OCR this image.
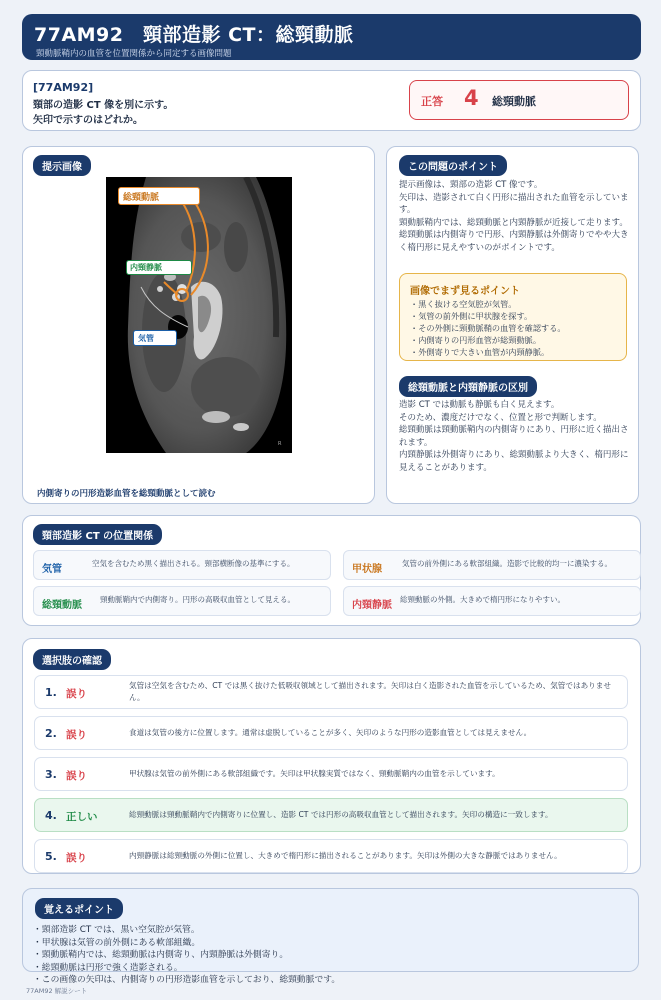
77AM92　頸部造影 CT：総頸動脈
頸動脈鞘内の血管を位置関係から同定する画像問題
[77AM92]
頸部の造影 CT 像を別に示す。
矢印で示すのはどれか。
正答 4 総頸動脈
提示画像
R
総頸動脈
内頸静脈
気管
内側寄りの円形造影血管を総頸動脈として読む
この問題のポイント
提示画像は、頸部の造影 CT 像です。
矢印は、造影されて白く円形に描出された血管を示しています。
頸動脈鞘内では、総頸動脈と内頸静脈が近接して走ります。
総頸動脈は内側寄りで円形、内頸静脈は外側寄りでやや大きく楕円形に見えやすいのがポイントです。
画像でまず見るポイント
・黒く抜ける空気腔が気管。
・気管の前外側に甲状腺を探す。
・その外側に頸動脈鞘の血管を確認する。
・内側寄りの円形血管が総頸動脈。
・外側寄りで大きい血管が内頸静脈。
総頸動脈と内頸静脈の区別
造影 CT では動脈も静脈も白く見えます。
そのため、濃度だけでなく、位置と形で判断します。
総頸動脈は頸動脈鞘内の内側寄りにあり、円形に近く描出されます。
内頸静脈は外側寄りにあり、総頸動脈より大きく、楕円形に見えることがあります。
頸部造影 CT の位置関係
気管
空気を含むため黒く描出される。頸部横断像の基準にする。
甲状腺
気管の前外側にある軟部組織。造影で比較的均一に濃染する。
総頸動脈
頸動脈鞘内で内側寄り。円形の高吸収血管として見える。
内頸静脈
総頸動脈の外側。大きめで楕円形になりやすい。
選択肢の確認
1. 誤り
気管は空気を含むため、CT では黒く抜けた低吸収領域として描出されます。矢印は白く造影された血管を示しているため、気管ではありません。
2. 誤り	食道は気管の後方に位置します。通常は虚脱していることが多く、矢印のような円形の造影血管としては見えません。
3. 誤り	甲状腺は気管の前外側にある軟部組織です。矢印は甲状腺実質ではなく、頸動脈鞘内の血管を示しています。
4. 正しい	総頸動脈は頸動脈鞘内で内側寄りに位置し、造影 CT では円形の高吸収血管として描出されます。矢印の構造に一致します。
5. 誤り	内頸静脈は総頸動脈の外側に位置し、大きめで楕円形に描出されることがあります。矢印は外側の大きな静脈ではありません。
覚えるポイント
・頸部造影 CT では、黒い空気腔が気管。
・甲状腺は気管の前外側にある軟部組織。
・頸動脈鞘内では、総頸動脈は内側寄り、内頸静脈は外側寄り。
・総頸動脈は円形で強く造影される。
・この画像の矢印は、内側寄りの円形造影血管を示しており、総頸動脈です。
77AM92 解説シート
